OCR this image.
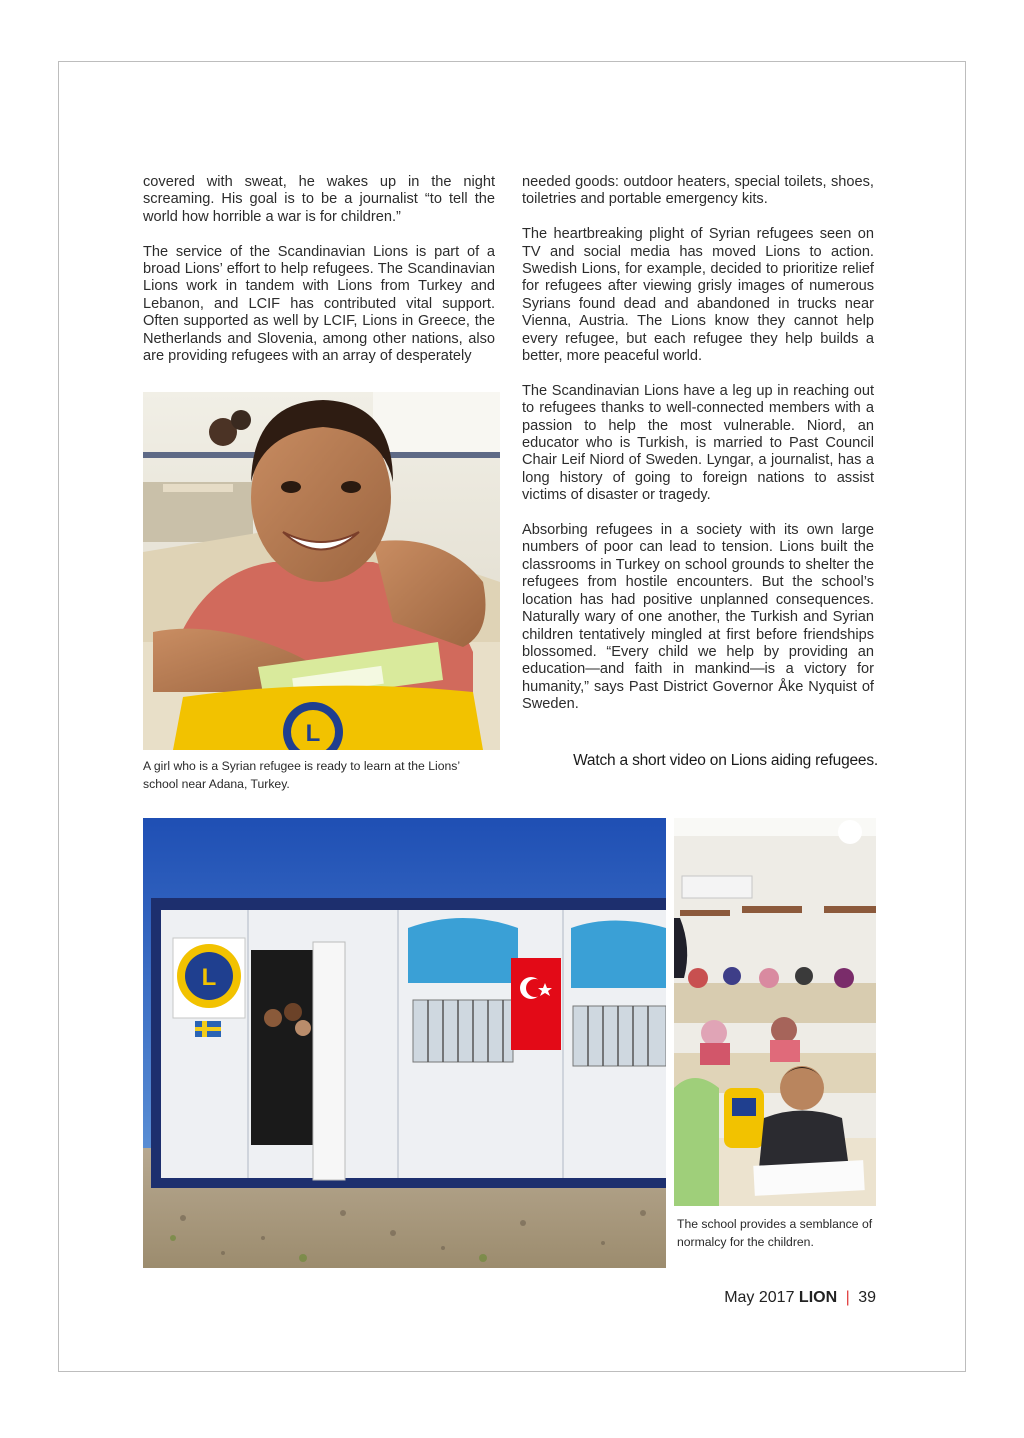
covered with sweat, he wakes up in the night screaming. His goal is to be a journalist “to tell the world how horrible a war is for children.”

The service of the Scandinavian Lions is part of a broad Lions’ effort to help refugees. The Scandinavian Lions work in tandem with Lions from Turkey and Lebanon, and LCIF has contributed vital support. Often supported as well by LCIF, Lions in Greece, the Netherlands and Slovenia, among other nations, also are providing refugees with an array of desperately

needed goods: outdoor heaters, special toilets, shoes, toiletries and portable emergency kits.

The heartbreaking plight of Syrian refugees seen on TV and social media has moved Lions to action. Swedish Lions, for example, decided to prioritize relief for refugees after viewing grisly images of numerous Syrians found dead and abandoned in trucks near Vienna, Austria. The Lions know they cannot help every refugee, but each refugee they help builds a better, more peaceful world.

The Scandinavian Lions have a leg up in reaching out to refugees thanks to well-connected members with a passion to help the most vulnerable. Niord, an educator who is Turkish, is married to Past Council Chair Leif Niord of Sweden. Lyngar, a journalist, has a long history of going to foreign nations to assist victims of disaster or tragedy.

Absorbing refugees in a society with its own large numbers of poor can lead to tension. Lions built the classrooms in Turkey on school grounds to shelter the refugees from hostile encounters. But the school’s location has had positive unplanned consequences. Naturally wary of one another, the Turkish and Syrian children tentatively mingled at first before friendships blossomed. “Every child we help by providing an education—and faith in mankind—is a victory for humanity,” says Past District Governor Åke Nyquist of Sweden.

L
A girl who is a Syrian refugee is ready to learn at the Lions’ school near Adana, Turkey.
Watch a short video on Lions aiding refugees.
L
The school provides a semblance of normalcy for the children.
May 2017 LION | 39
